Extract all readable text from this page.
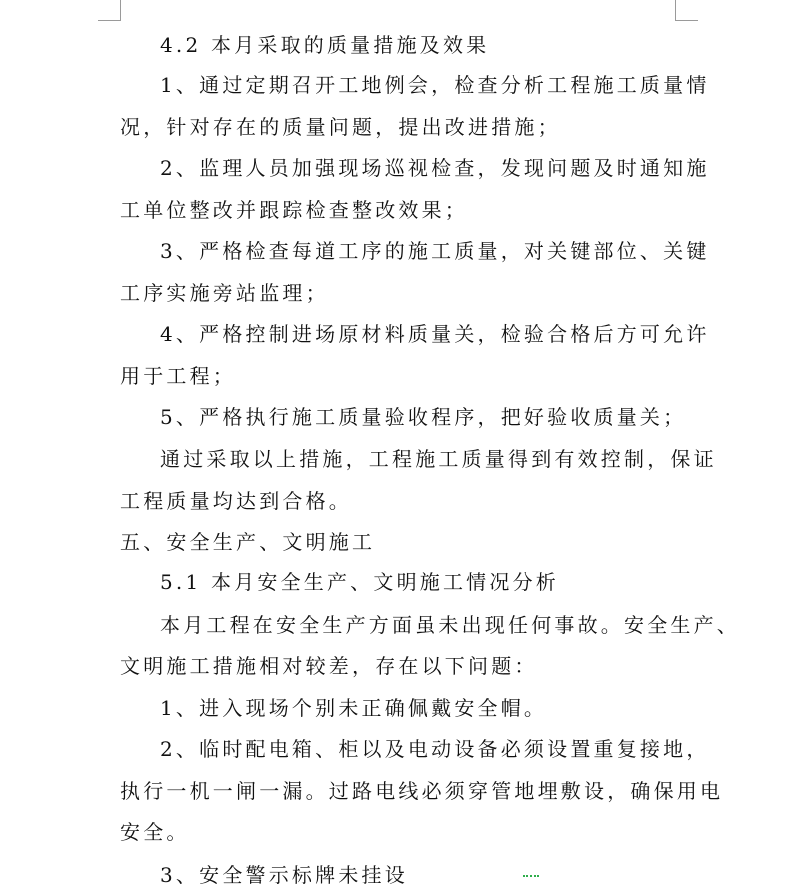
4.2 本月采取的质量措施及效果
1、通过定期召开工地例会，检查分析工程施工质量情
况，针对存在的质量问题，提出改进措施；
2、监理人员加强现场巡视检查，发现问题及时通知施
工单位整改并跟踪检查整改效果；
3、严格检查每道工序的施工质量，对关键部位、关键
工序实施旁站监理；
4、严格控制进场原材料质量关，检验合格后方可允许
用于工程；
5、严格执行施工质量验收程序，把好验收质量关；
通过采取以上措施，工程施工质量得到有效控制，保证
工程质量均达到合格。
五、安全生产、文明施工
5.1 本月安全生产、文明施工情况分析
本月工程在安全生产方面虽未出现任何事故。安全生产、
文明施工措施相对较差，存在以下问题：
1、进入现场个别未正确佩戴安全帽。
2、临时配电箱、柜以及电动设备必须设置重复接地，
执行一机一闸一漏。过路电线必须穿管地埋敷设，确保用电
安全。
3、安全警示标牌未挂设
